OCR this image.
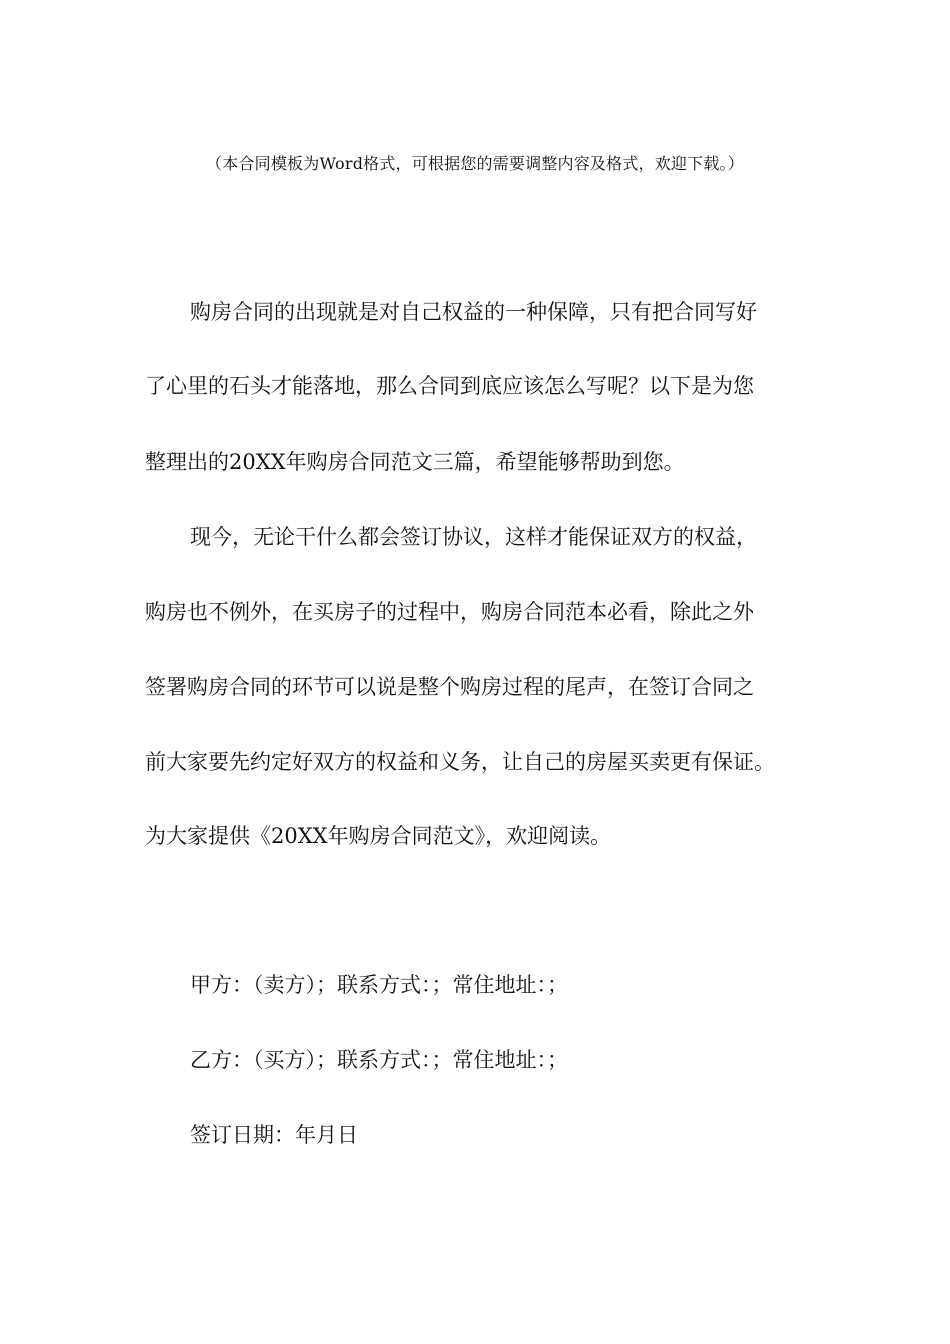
（本合同模板为Word格式，可根据您的需要调整内容及格式，欢迎下载。）
购房合同的出现就是对自己权益的一种保障，只有把合同写好
了心里的石头才能落地，那么合同到底应该怎么写呢？以下是为您
整理出的20XX年购房合同范文三篇，希望能够帮助到您。
现今，无论干什么都会签订协议，这样才能保证双方的权益，
购房也不例外，在买房子的过程中，购房合同范本必看，除此之外
签署购房合同的环节可以说是整个购房过程的尾声，在签订合同之
前大家要先约定好双方的权益和义务，让自己的房屋买卖更有保证。
为大家提供《20XX年购房合同范文》，欢迎阅读。
甲方：（卖方）；联系方式：；常住地址：；
乙方：（买方）；联系方式：；常住地址：；
签订日期：年月日
